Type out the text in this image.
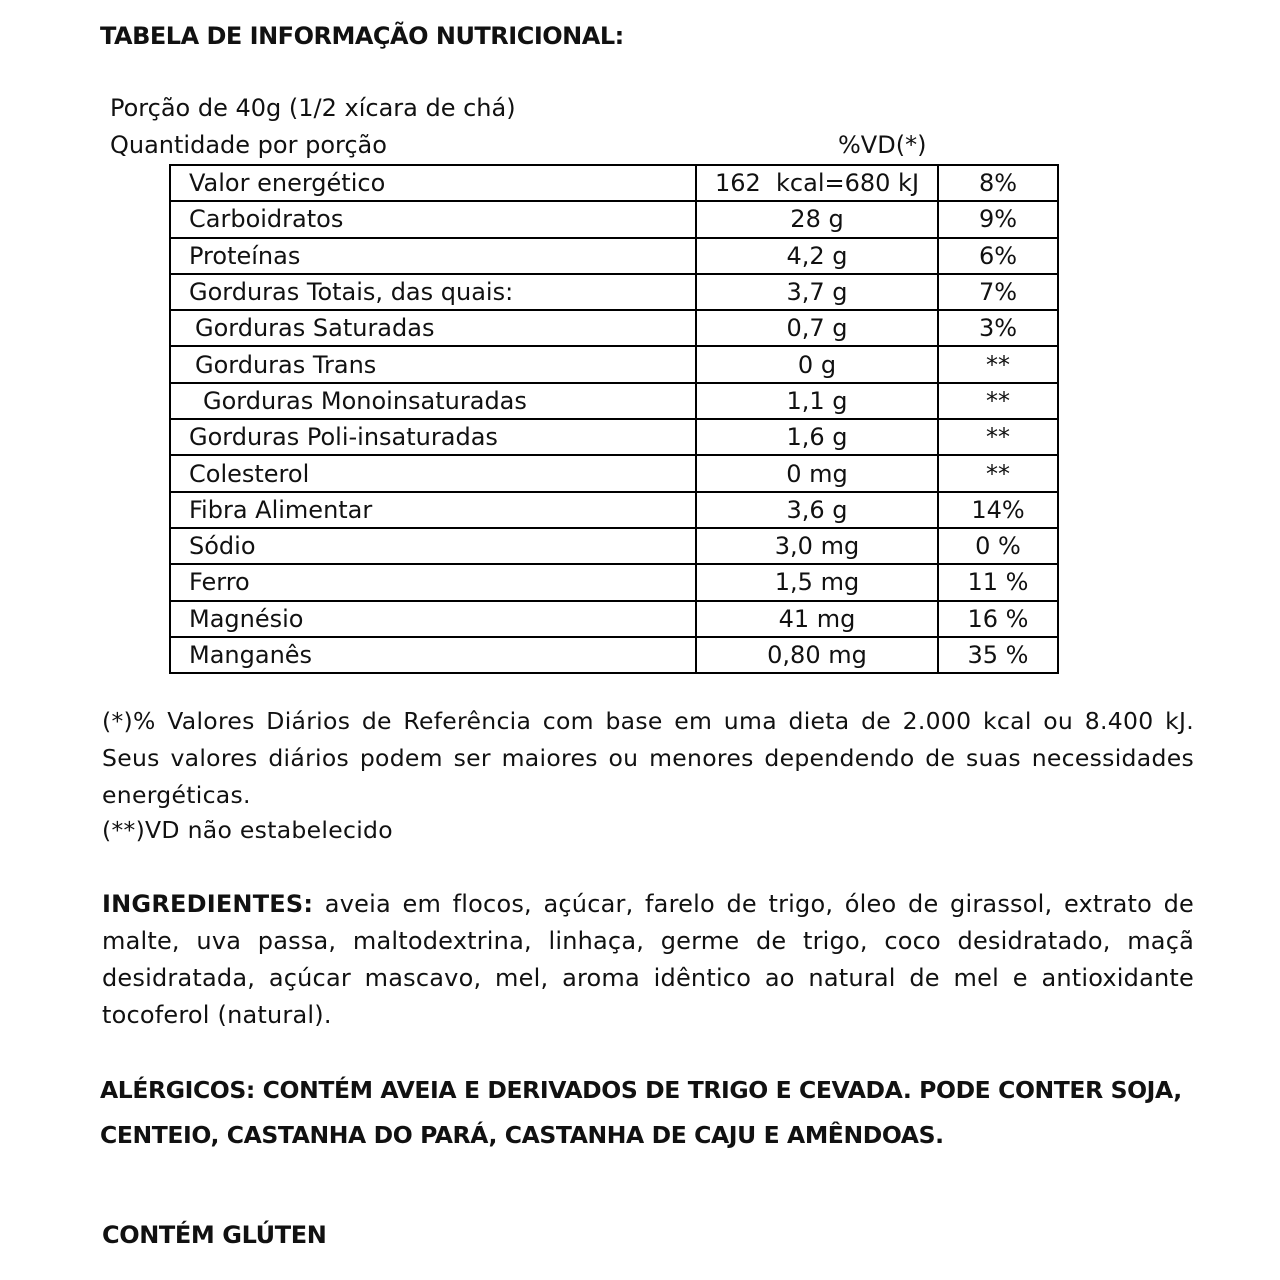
TABELA DE INFORMAÇÃO NUTRICIONAL:
Porção de 40g (1/2 xícara de chá)
Quantidade por porção	%VD(*)
Valor energético	162  kcal=680 kJ	8%
Carboidratos	28 g	9%
Proteínas	4,2 g	6%
Gorduras Totais, das quais:	3,7 g	7%
Gorduras Saturadas	0,7 g	3%
Gorduras Trans	0 g	**
Gorduras Monoinsaturadas	1,1 g	**
Gorduras Poli-insaturadas	1,6 g	**
Colesterol	0 mg	**
Fibra Alimentar	3,6 g	14%
Sódio	3,0 mg	0 %
Ferro	1,5 mg	11 %
Magnésio	41 mg	16 %
Manganês	0,80 mg	35 %
(*)% Valores Diários de Referência com base em uma dieta de 2.000 kcal ou 8.400 kJ. Seus valores diários podem ser maiores ou menores dependendo de suas necessidades energéticas.
(**)VD não estabelecido
INGREDIENTES: aveia em flocos, açúcar, farelo de trigo, óleo de girassol, extrato de malte, uva passa, maltodextrina, linhaça, germe de trigo, coco desidratado, maçã desidratada, açúcar mascavo, mel, aroma idêntico ao natural de mel e antioxidante tocoferol (natural).
ALÉRGICOS: CONTÉM AVEIA E DERIVADOS DE TRIGO E CEVADA. PODE CONTER SOJA, CENTEIO, CASTANHA DO PARÁ, CASTANHA DE CAJU E AMÊNDOAS.
CONTÉM GLÚTEN
